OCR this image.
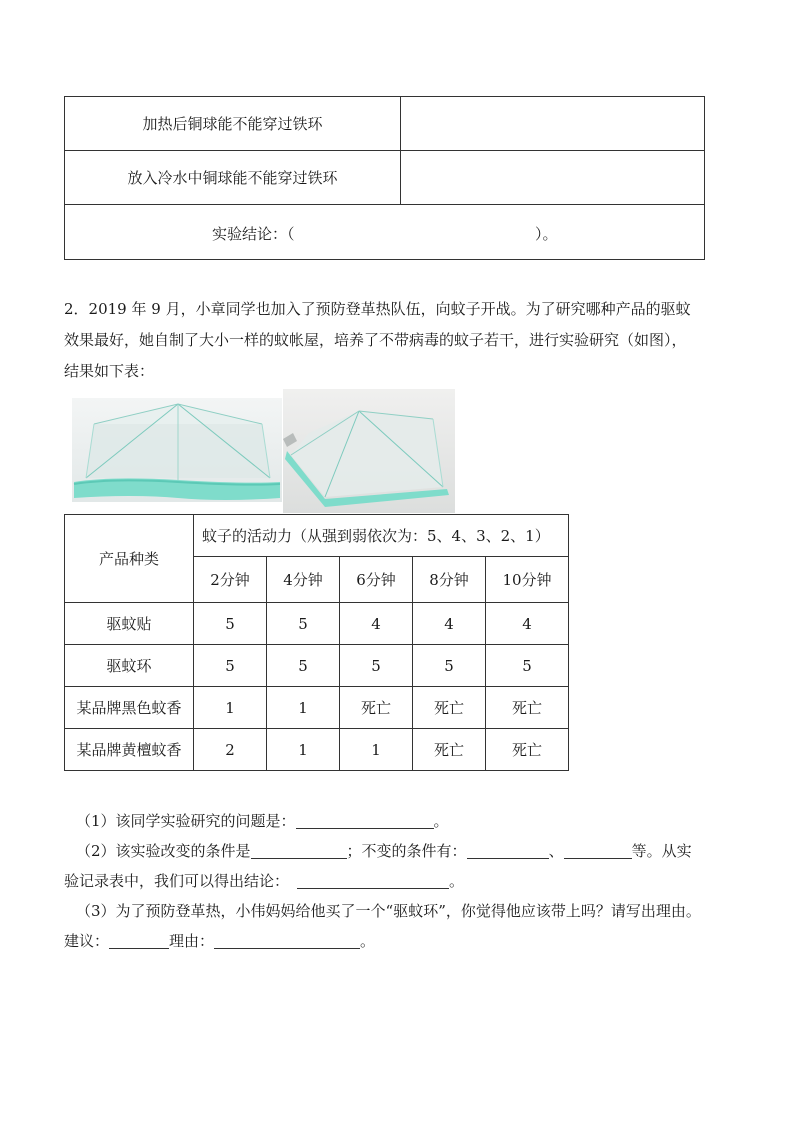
加热后铜球能不能穿过铁环	
放入冷水中铜球能不能穿过铁环	

实验结论：（ ）。	

2．2019 年 9 月，小章同学也加入了预防登革热队伍，向蚊子开战。为了研究哪种产品的驱蚊

效果最好，她自制了大小一样的蚊帐屋，培养了不带病毒的蚊子若干，进行实验研究（如图），

结果如下表：

产品种类	蚊子的活动力（从强到弱依次为：5、4、3、2、1）				
	2分钟	4分钟	6分钟	8分钟	10分钟
驱蚊贴	5	5	4	4	4
驱蚊环	5	5	5	5	5
某品牌黑色蚊香	1	1	死亡	死亡	死亡
某品牌黄檀蚊香	2	1	1	死亡	死亡

（1）该同学实验研究的问题是：	。

（2）该实验改变的条件是	；不变的条件有：	、	等。从实

验记录表中，我们可以得出结论：	。

（3）为了预防登革热，小伟妈妈给他买了一个“驱蚊环”，你觉得他应该带上吗？请写出理由。

建议：	理由：	。
